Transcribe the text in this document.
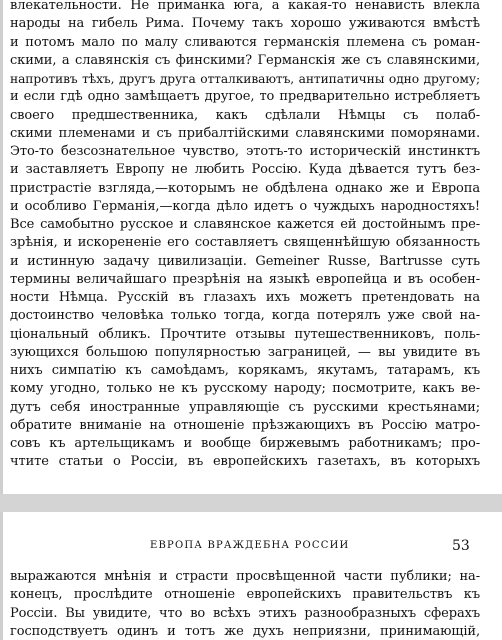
влекательности. Не приманка юга, а какая-то ненависть влекла
народы на гибель Рима. Почему такъ хорошо уживаются вмѣстѣ
и потомъ мало по малу сливаются германскія племена съ роман-
скими, а славянскія съ финскими? Германскія же съ славянскими,
напротивъ тѣхъ, другъ друга отталкиваютъ, антипатичны одно другому;
и если гдѣ одно замѣщаетъ другое, то предварительно истребляетъ
своего предшественника, какъ сдѣлали Нѣмцы съ полаб-
скими племенами и съ прибалтійскими славянскими поморянами.
Это-то безсознательное чувство, этотъ-то историческій инстинктъ
и заставляетъ Европу не любить Россію. Куда дѣвается тутъ без-
пристрастіе взгляда,—которымъ не обдѣлена однако же и Европа
и особливо Германія,—когда дѣло идетъ о чуждыхъ народностяхъ!
Все самобытно русское и славянское кажется ей достойнымъ пре-
зрѣнія, и искорененіе его составляетъ священнѣйшую обязанность
и истинную задачу цивилизаціи. Gemeiner Russe, Bartrusse суть
термины величайшаго презрѣнія на языкѣ европейца и въ особен-
ности Нѣмца. Русскій въ глазахъ ихъ можетъ претендовать на
достоинство человѣка только тогда, когда потерялъ уже свой на-
ціональный обликъ. Прочтите отзывы путешественниковъ, поль-
зующихся большою популярностью заграницей, — вы увидите въ
нихъ симпатію къ самоѣдамъ, корякамъ, якутамъ, татарамъ, къ
кому угодно, только не къ русскому народу; посмотрите, какъ ве-
дутъ себя иностранные управляющіе съ русскими крестьянами;
обратите вниманіе на отношеніе прѣзжающихъ въ Россію матро-
совъ къ артельщикамъ и вообще биржевымъ работникамъ; про-
чтите статьи о Россіи, въ европейскихъ газетахъ, въ которыхъ
ЕВРОПА ВРАЖДЕБНА РОССИИ	53
выражаются мнѣнія и страсти просвѣщенной части публики; на-
конецъ, прослѣдите отношеніе европейскихъ правительствъ къ
Россіи. Вы увидите, что во всѣхъ этихъ разнообразныхъ сферахъ
господствуетъ одинъ и тотъ же духъ неприязни, принимающій,
